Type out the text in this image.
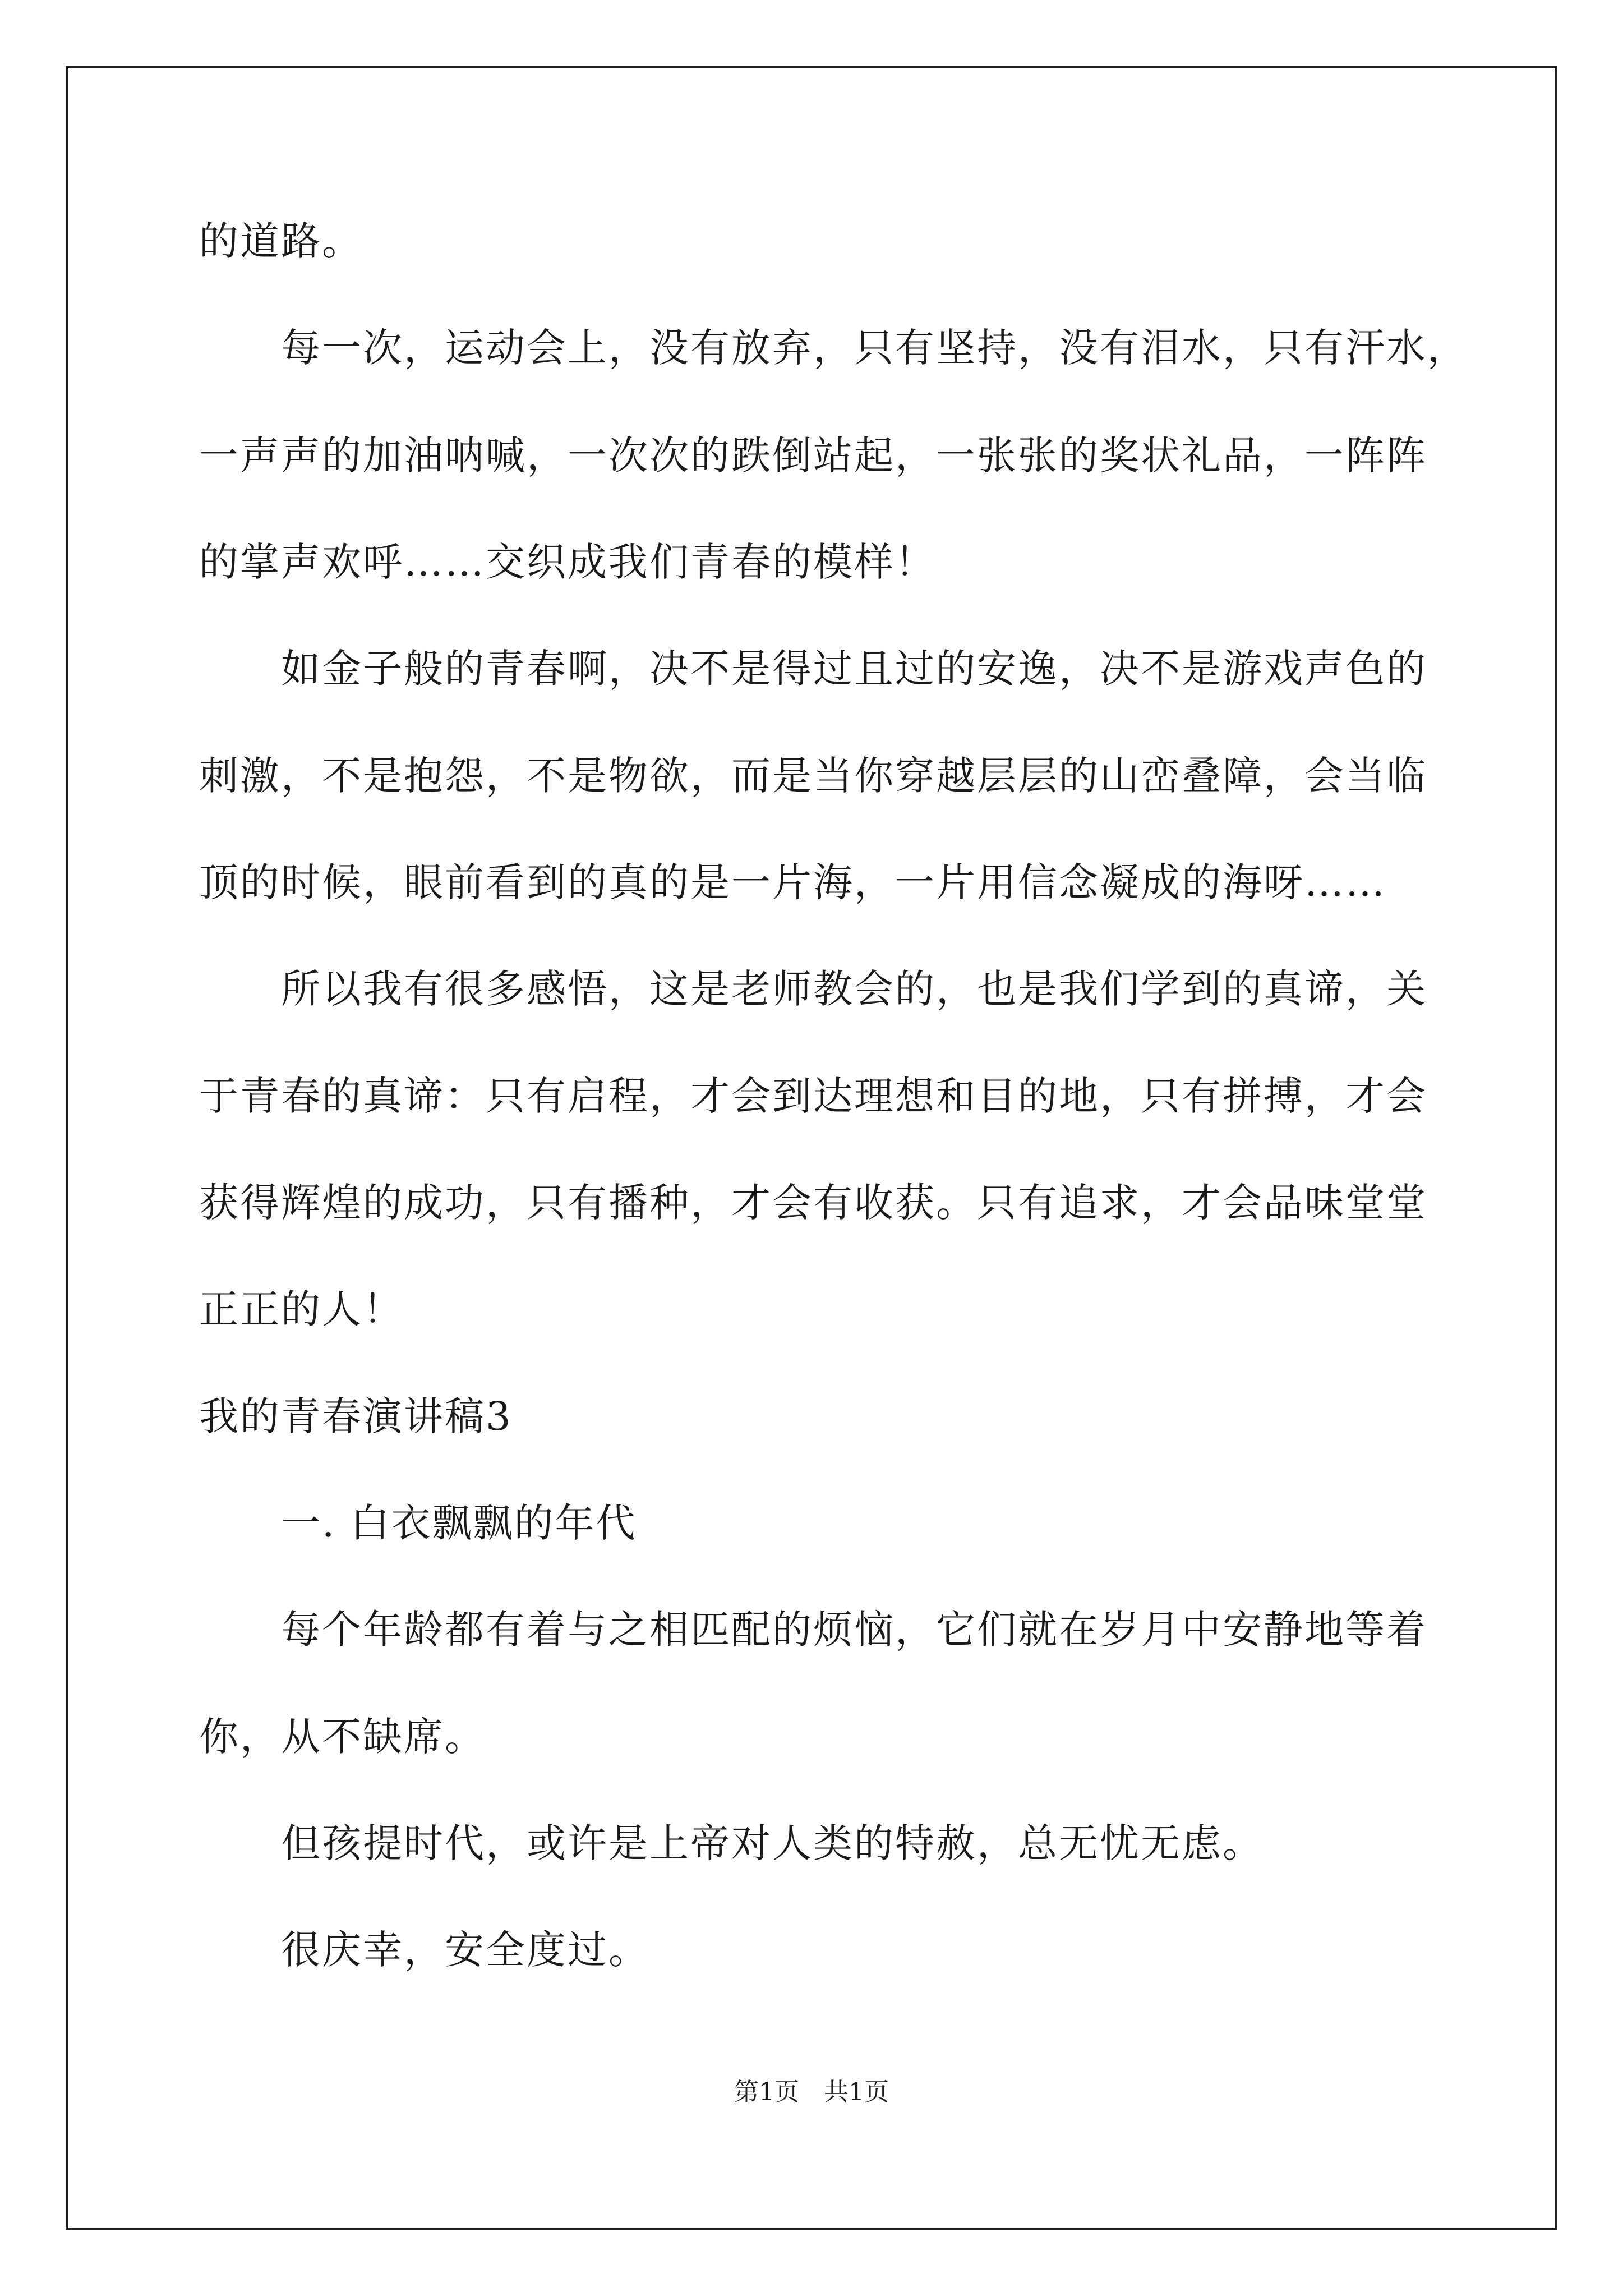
的道路。
每一次，运动会上，没有放弃，只有坚持，没有泪水，只有汗水，
一声声的加油呐喊，一次次的跌倒站起，一张张的奖状礼品，一阵阵
的掌声欢呼……交织成我们青春的模样！
如金子般的青春啊，决不是得过且过的安逸，决不是游戏声色的
刺激，不是抱怨，不是物欲，而是当你穿越层层的山峦叠障，会当临
顶的时候，眼前看到的真的是一片海，一片用信念凝成的海呀……
所以我有很多感悟，这是老师教会的，也是我们学到的真谛，关
于青春的真谛：只有启程，才会到达理想和目的地，只有拼搏，才会
获得辉煌的成功，只有播种，才会有收获。只有追求，才会品味堂堂
正正的人！
我的青春演讲稿3
一. 白衣飘飘的年代
每个年龄都有着与之相匹配的烦恼，它们就在岁月中安静地等着
你，从不缺席。
但孩提时代，或许是上帝对人类的特赦，总无忧无虑。
很庆幸，安全度过。
第1页　共1页
